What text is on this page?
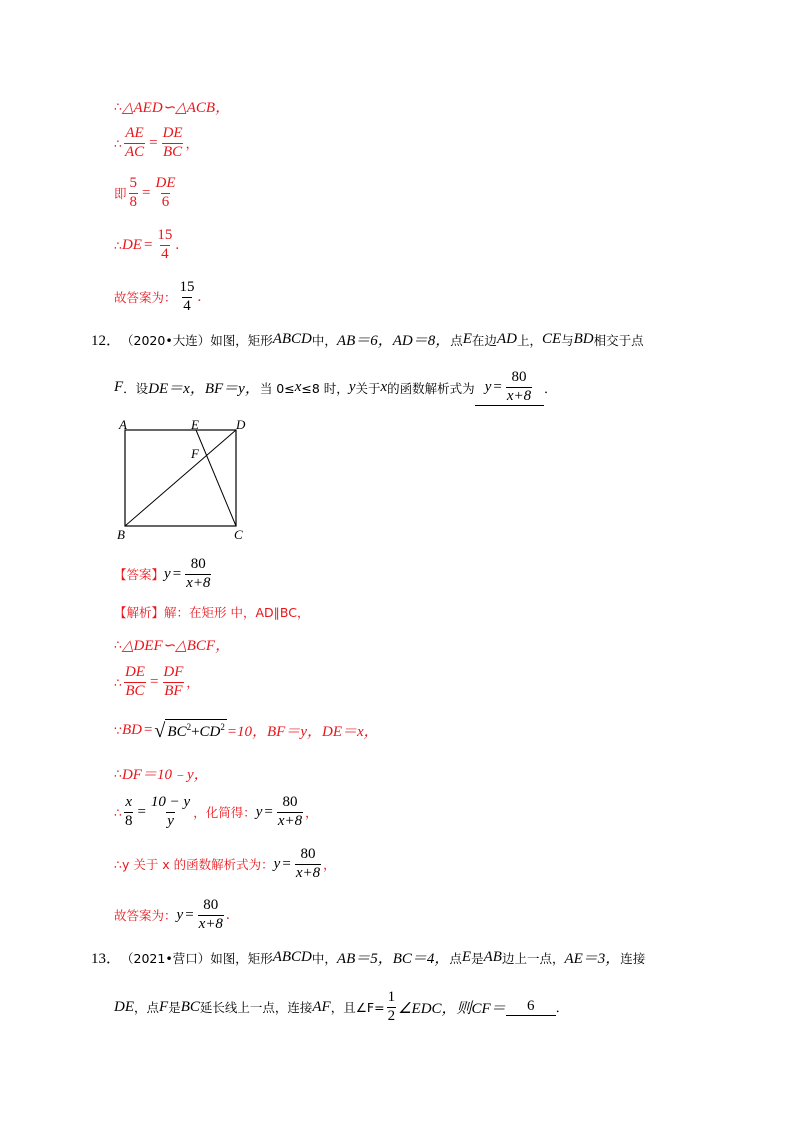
∴ △AED∽△ACB，
∴ $\frac{AE}{AC} = \frac{DE}{BC}$ ，
即 $\frac{5}{8} = \frac{DE}{6}$
∴ DE = $\frac{15}{4}$ .
故答案为： $\frac{15}{4}$ .
12． （2020•大连） 如图，矩形 ABCD 中， AB＝6， AD＝8， 点 E 在边 AD 上， CE 与 BD 相交于点
F ．设 DE＝x， BF＝y， 当 0≤ x ≤8 时， y 关于 x 的函数解析式为 $y = \frac{80}{x+8}$ ．
A	E	D
F
B	C
【答案】 $y = \frac{80}{x+8}$
【解析】 解：在矩形 中，AD∥BC，
∴ △DEF∽△BCF，
∴ $\frac{DE}{BC} = \frac{DF}{BF}$ ，
∵ BD = √ $BC^2+CD^2 =10$，BF＝y，DE＝x，
∴ DF＝10﹣y，
∴ $\frac{x}{8} = \frac{10 - y}{y}$ ，化简得： $y = \frac{80}{x+8}$ ，
∴ y 关于 x 的函数解析式为： $y = \frac{80}{x+8}$ ，
故答案为： $y = \frac{80}{x+8}$ .
13． （2021•营口） 如图，矩形 ABCD 中， AB＝5， BC＝4， 点 E 是 AB 边上一点， AE＝3， 连接
DE ，点 F 是 BC 延长线上一点，连接 AF ，且∠F= $\frac{1}{2}$ ∠EDC，则 CF＝	6	．
